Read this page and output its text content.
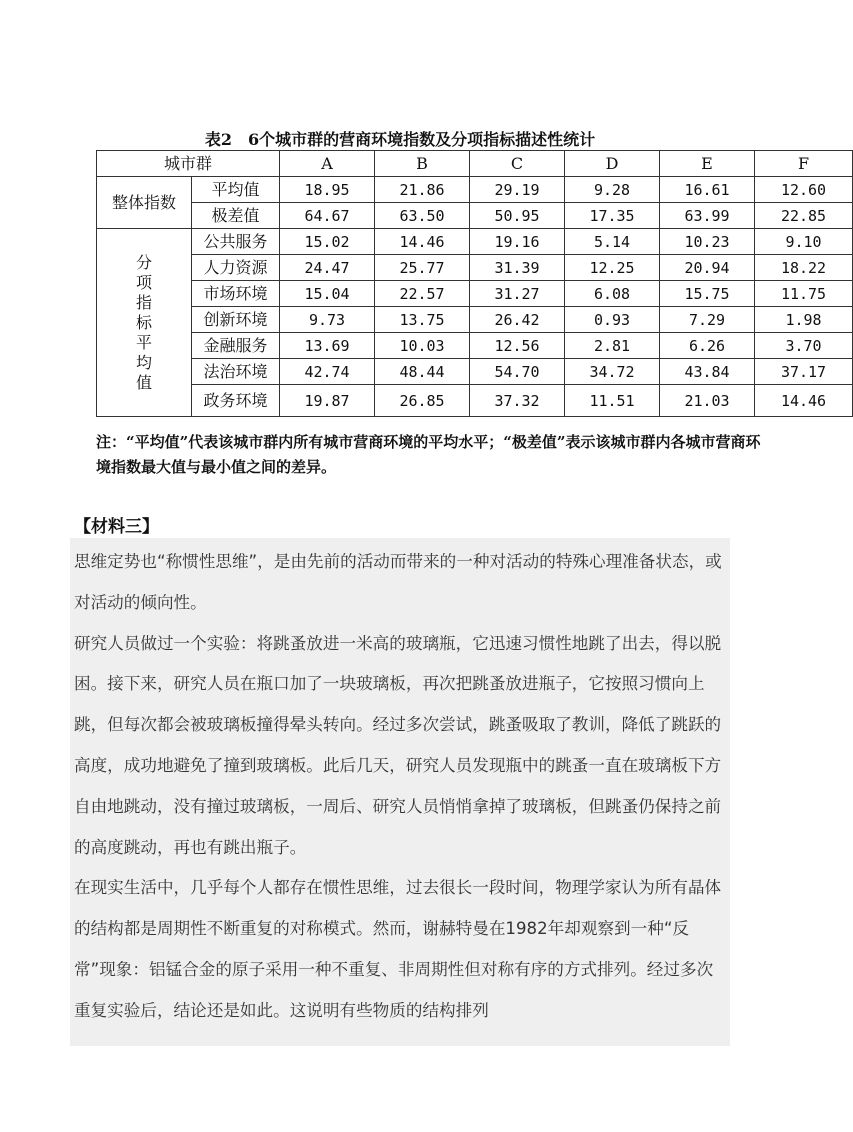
表2　6个城市群的营商环境指数及分项指标描述性统计
城市群		A	B	C	D	E	F
整体指数	平均值	18.95	21.86	29.19	9.28	16.61	12.60
	极差值	64.67	63.50	50.95	17.35	63.99	22.85
分项指标平均值	公共服务	15.02	14.46	19.16	5.14	10.23	9.10
	人力资源	24.47	25.77	31.39	12.25	20.94	18.22
	市场环境	15.04	22.57	31.27	6.08	15.75	11.75
	创新环境	9.73	13.75	26.42	0.93	7.29	1.98
	金融服务	13.69	10.03	12.56	2.81	6.26	3.70
	法治环境	42.74	48.44	54.70	34.72	43.84	37.17
	政务环境	19.87	26.85	37.32	11.51	21.03	14.46
注：“平均值”代表该城市群内所有城市营商环境的平均水平；“极差值”表示该城市群内各城市营商环境指数最大值与最小值之间的差异。
【材料三】

思维定势也“称惯性思维”，是由先前的活动而带来的一种对活动的特殊心理准备状态，或对活动的倾向性。

研究人员做过一个实验：将跳蚤放进一米高的玻璃瓶，它迅速习惯性地跳了出去，得以脱困。接下来，研究人员在瓶口加了一块玻璃板，再次把跳蚤放进瓶子，它按照习惯向上跳，但每次都会被玻璃板撞得晕头转向。经过多次尝试，跳蚤吸取了教训，降低了跳跃的高度，成功地避免了撞到玻璃板。此后几天，研究人员发现瓶中的跳蚤一直在玻璃板下方自由地跳动，没有撞过玻璃板，一周后、研究人员悄悄拿掉了玻璃板，但跳蚤仍保持之前的高度跳动，再也有跳出瓶子。

在现实生活中，几乎每个人都存在惯性思维，过去很长一段时间，物理学家认为所有晶体的结构都是周期性不断重复的对称模式。然而，谢赫特曼在1982年却观察到一种“反常”现象：铝锰合金的原子采用一种不重复、非周期性但对称有序的方式排列。经过多次重复实验后，结论还是如此。这说明有些物质的结构排列
